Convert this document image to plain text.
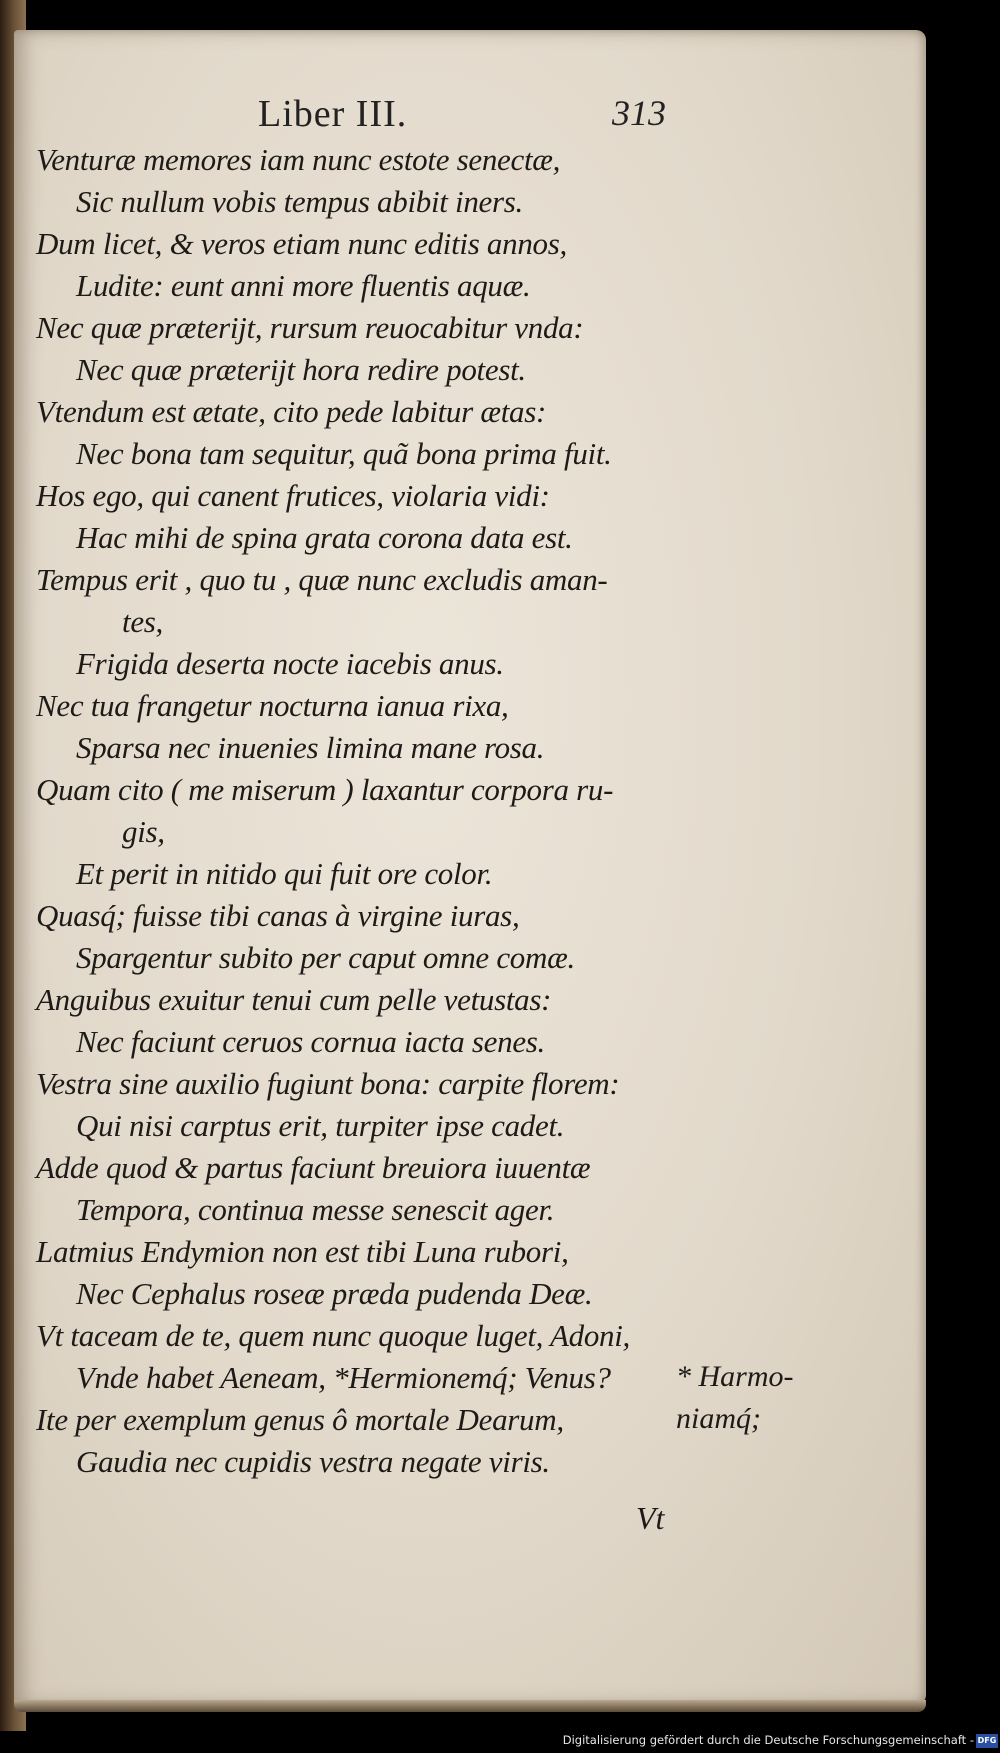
Liber III.	313
Venturæ memores iam nunc estote senectæ,
Sic nullum vobis tempus abibit iners.
Dum licet, & veros etiam nunc editis annos,
Ludite: eunt anni more fluentis aquæ.
Nec quæ præterijt, rursum reuocabitur vnda:
Nec quæ præterijt hora redire potest.
Vtendum est ætate, cito pede labitur ætas:
Nec bona tam sequitur, quã bona prima fuit.
Hos ego, qui canent frutices, violaria vidi:
Hac mihi de spina grata corona data est.
Tempus erit , quo tu , quæ nunc excludis aman-
tes,
Frigida deserta nocte iacebis anus.
Nec tua frangetur nocturna ianua rixa,
Sparsa nec inuenies limina mane rosa.
Quam cito ( me miserum ) laxantur corpora ru-
gis,
Et perit in nitido qui fuit ore color.
Quasq́; fuisse tibi canas à virgine iuras,
Spargentur subito per caput omne comæ.
Anguibus exuitur tenui cum pelle vetustas:
Nec faciunt ceruos cornua iacta senes.
Vestra sine auxilio fugiunt bona: carpite florem:
Qui nisi carptus erit, turpiter ipse cadet.
Adde quod & partus faciunt breuiora iuuentæ
Tempora, continua messe senescit ager.
Latmius Endymion non est tibi Luna rubori,
Nec Cephalus roseæ præda pudenda Deæ.
Vt taceam de te, quem nunc quoque luget, Adoni,
Vnde habet Aeneam, *Hermionemq́; Venus?
Ite per exemplum genus ô mortale Dearum,
Gaudia nec cupidis vestra negate viris.
* Harmo-
niamq́;
Vt
Digitalisierung gefördert durch die Deutsche Forschungsgemeinschaft - DFG
